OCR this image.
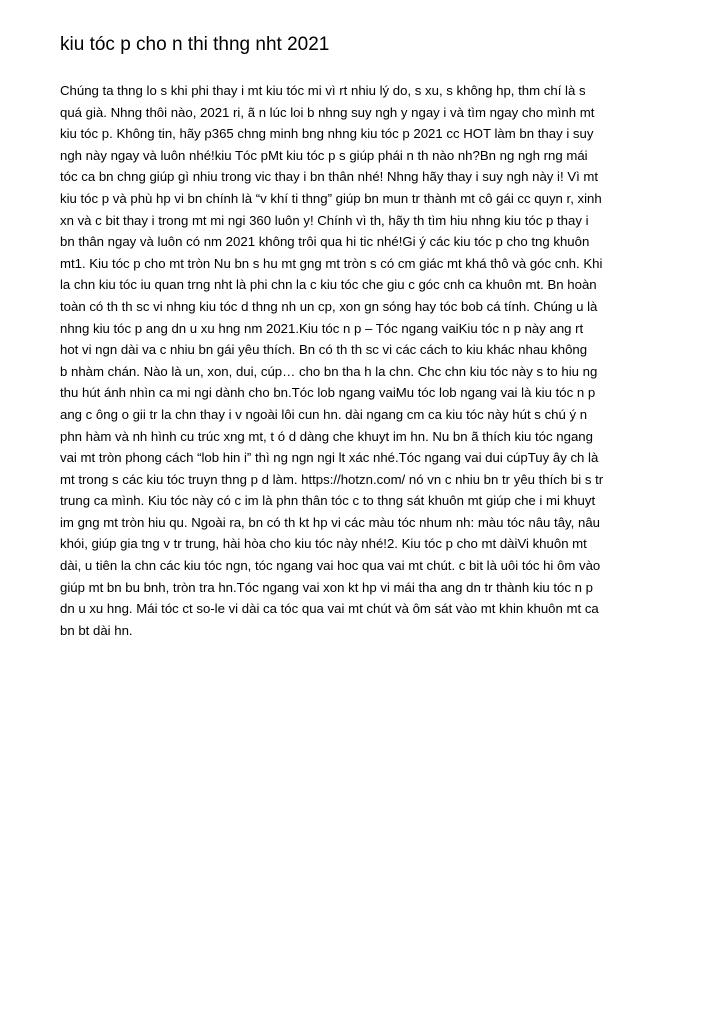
kiu tóc p cho n thi thng nht 2021

Chúng ta thng lo s khi phi thay i mt kiu tóc mi vì rt nhiu lý do, s xu, s không hp, thm chí là s
quá già. Nhng thôi nào, 2021 ri, ã n lúc loi b nhng suy ngh y ngay i và tìm ngay cho mình mt
kiu tóc p. Không tin, hãy p365 chng minh bng nhng kiu tóc p 2021 cc HOT làm bn thay i suy
ngh này ngay và luôn nhé!kiu Tóc pMt kiu tóc p s giúp phái n th nào nh?Bn ng ngh rng mái
tóc ca bn chng giúp gì nhiu trong vic thay i bn thân nhé! Nhng hãy thay i suy ngh này i! Vì mt
kiu tóc p và phù hp vi bn chính là “v khí ti thng” giúp bn mun tr thành mt cô gái cc quyn r, xinh
xn và c bit thay i trong mt mi ngi 360 luôn y! Chính vì th, hãy th tìm hiu nhng kiu tóc p thay i
bn thân ngay và luôn có nm 2021 không trôi qua hi tic nhé!Gi ý các kiu tóc p cho tng khuôn
mt1. Kiu tóc p cho mt tròn Nu bn s hu mt gng mt tròn s có cm giác mt khá thô và góc cnh. Khi
la chn kiu tóc iu quan trng nht là phi chn la c kiu tóc che giu c góc cnh ca khuôn mt. Bn hoàn
toàn có th th sc vi nhng kiu tóc d thng nh un cp, xon gn sóng hay tóc bob cá tính. Chúng u là
nhng kiu tóc p ang dn u xu hng nm 2021.Kiu tóc n p – Tóc ngang vaiKiu tóc n p này ang rt
hot vi ngn dài va c nhiu bn gái yêu thích. Bn có th th sc vi các cách to kiu khác nhau không
b nhàm chán. Nào là un, xon, dui, cúp… cho bn tha h la chn. Chc chn kiu tóc này s to hiu ng
thu hút ánh nhìn ca mi ngi dành cho bn.Tóc lob ngang vaiMu tóc lob ngang vai là kiu tóc n p
ang c ông o gii tr la chn thay i v ngoài lôi cun hn. dài ngang cm ca kiu tóc này hút s chú ý n
phn hàm và nh hình cu trúc xng mt, t ó d dàng che khuyt im hn. Nu bn ã thích kiu tóc ngang
vai mt tròn phong cách “lob hin i” thì ng ngn ngi lt xác nhé.Tóc ngang vai dui cúpTuy ây ch là
mt trong s các kiu tóc truyn thng p d làm. https://hotzn.com/ nó vn c nhiu bn tr yêu thích bi s tr
trung ca mình. Kiu tóc này có c im là phn thân tóc c to thng sát khuôn mt giúp che i mi khuyt
im gng mt tròn hiu qu. Ngoài ra, bn có th kt hp vi các màu tóc nhum nh: màu tóc nâu tây, nâu
khói, giúp gia tng v tr trung, hài hòa cho kiu tóc này nhé!2. Kiu tóc p cho mt dàiVi khuôn mt
dài, u tiên la chn các kiu tóc ngn, tóc ngang vai hoc qua vai mt chút. c bit là uôi tóc hi ôm vào
giúp mt bn bu bnh, tròn tra hn.Tóc ngang vai xon kt hp vi mái tha ang dn tr thành kiu tóc n p
dn u xu hng. Mái tóc ct so-le vi dài ca tóc qua vai mt chút và ôm sát vào mt khin khuôn mt ca
bn bt dài hn.
